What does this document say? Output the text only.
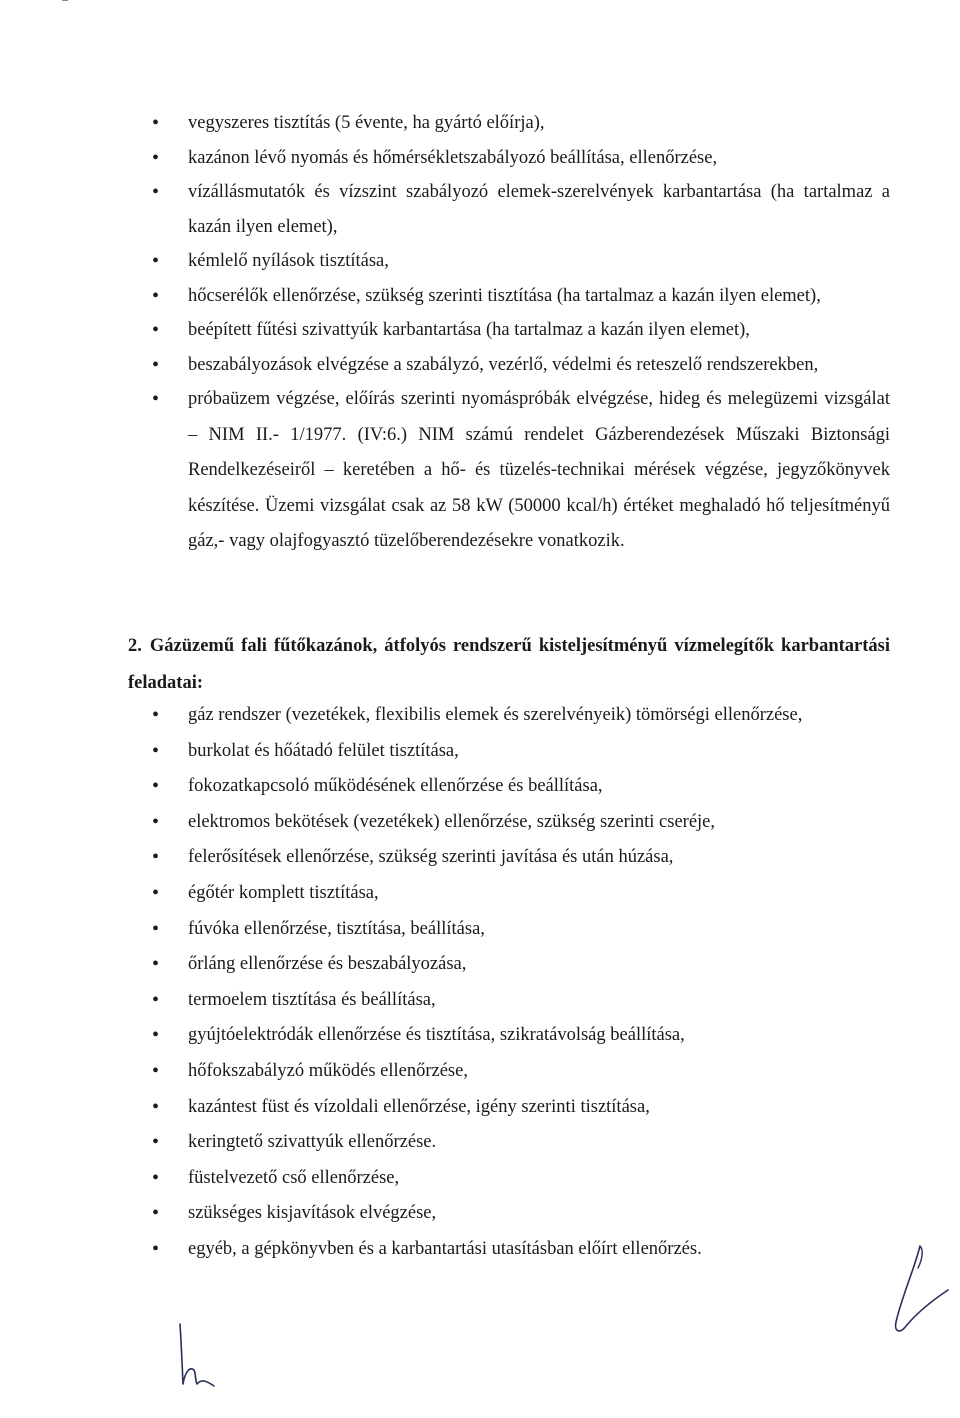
• vegyszeres tisztítás (5 évente, ha gyártó előírja),
• kazánon lévő nyomás és hőmérsékletszabályozó beállítása, ellenőrzése,
• vízállásmutatók és vízszint szabályozó elemek-szerelvények karbantartása (ha tartalmaz a kazán ilyen elemet),
• kémlelő nyílások tisztítása,
• hőcserélők ellenőrzése, szükség szerinti tisztítása (ha tartalmaz a kazán ilyen elemet),
• beépített fűtési szivattyúk karbantartása (ha tartalmaz a kazán ilyen elemet),
• beszabályozások elvégzése a szabályzó, vezérlő, védelmi és reteszelő rendszerekben,
• próbaüzem végzése, előírás szerinti nyomáspróbák elvégzése, hideg és melegüzemi vizsgálat – NIM II.- 1/1977. (IV:6.) NIM számú rendelet Gázberendezések Műszaki Biztonsági Rendelkezéseiről – keretében a hő- és tüzelés-technikai mérések végzése, jegyzőkönyvek készítése. Üzemi vizsgálat csak az 58 kW (50000 kcal/h) értéket meghaladó hő teljesítményű gáz,- vagy olajfogyasztó tüzelőberendezésekre vonatkozik.
2. Gázüzemű fali fűtőkazánok, átfolyós rendszerű kisteljesítményű vízmelegítők karbantartási feladatai:
• gáz rendszer (vezetékek, flexibilis elemek és szerelvényeik) tömörségi ellenőrzése,
• burkolat és hőátadó felület tisztítása,
• fokozatkapcsoló működésének ellenőrzése és beállítása,
• elektromos bekötések (vezetékek) ellenőrzése, szükség szerinti cseréje,
• felerősítések ellenőrzése, szükség szerinti javítása és után húzása,
• égőtér komplett tisztítása,
• fúvóka ellenőrzése, tisztítása, beállítása,
• őrláng ellenőrzése és beszabályozása,
• termoelem tisztítása és beállítása,
• gyújtóelektródák ellenőrzése és tisztítása, szikratávolság beállítása,
• hőfokszabályzó működés ellenőrzése,
• kazántest füst és vízoldali ellenőrzése, igény szerinti tisztítása,
• keringtető szivattyúk ellenőrzése.
• füstelvezető cső ellenőrzése,
• szükséges kisjavítások elvégzése,
• egyéb, a gépkönyvben és a karbantartási utasításban előírt ellenőrzés.
